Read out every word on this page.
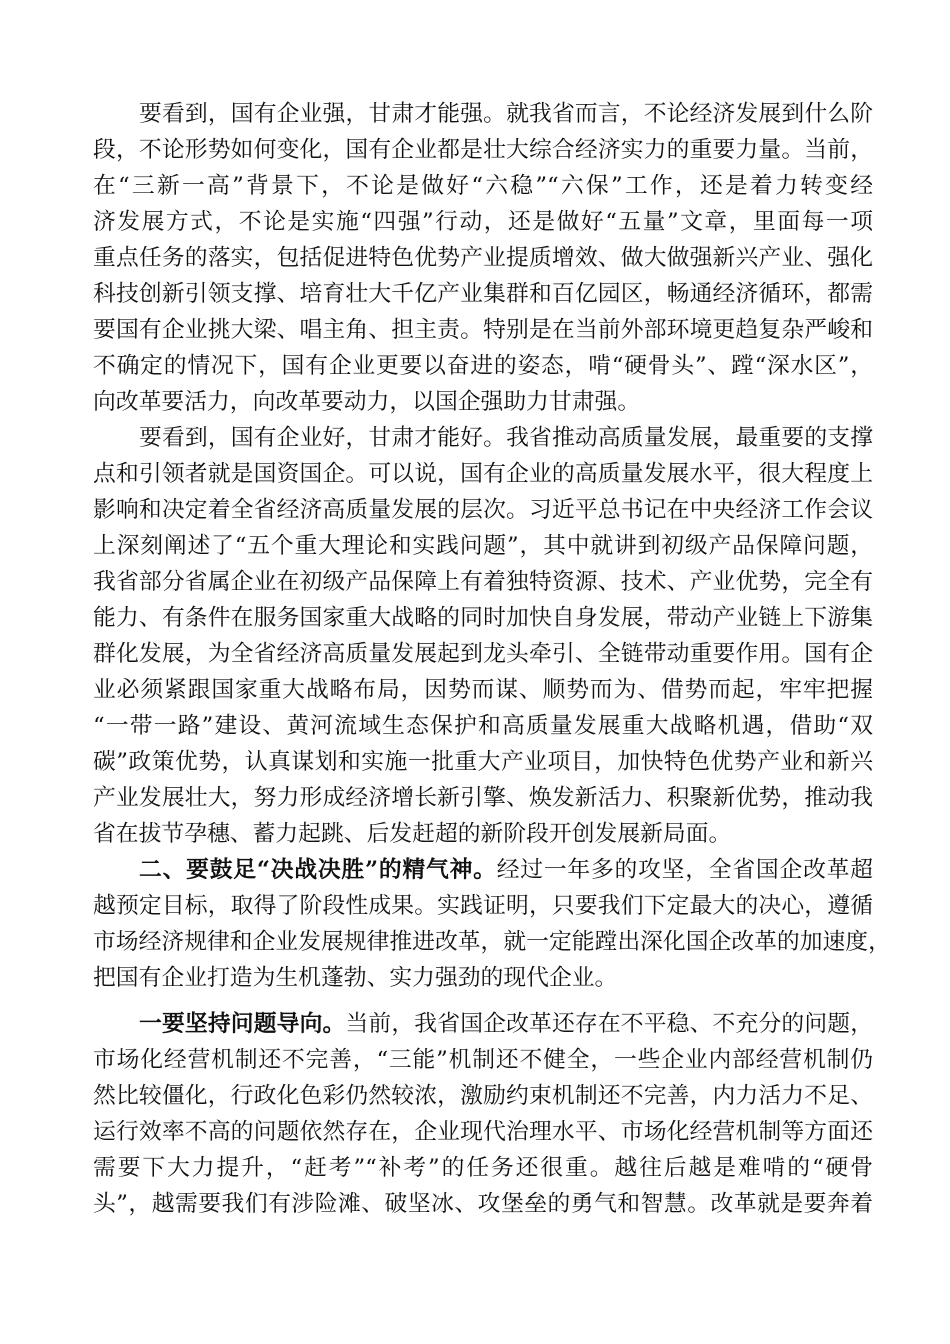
要看到，国有企业强，甘肃才能强。就我省而言，不论经济发展到什么阶
段，不论形势如何变化，国有企业都是壮大综合经济实力的重要力量。当前，
在“三新一高”背景下，不论是做好“六稳”“六保”工作，还是着力转变经
济发展方式，不论是实施“四强”行动，还是做好“五量”文章，里面每一项
重点任务的落实，包括促进特色优势产业提质增效、做大做强新兴产业、强化
科技创新引领支撑、培育壮大千亿产业集群和百亿园区，畅通经济循环，都需
要国有企业挑大梁、唱主角、担主责。特别是在当前外部环境更趋复杂严峻和
不确定的情况下，国有企业更要以奋进的姿态，啃“硬骨头”、蹚“深水区”，
向改革要活力，向改革要动力，以国企强助力甘肃强。
要看到，国有企业好，甘肃才能好。我省推动高质量发展，最重要的支撑
点和引领者就是国资国企。可以说，国有企业的高质量发展水平，很大程度上
影响和决定着全省经济高质量发展的层次。习近平总书记在中央经济工作会议
上深刻阐述了“五个重大理论和实践问题”，其中就讲到初级产品保障问题，
我省部分省属企业在初级产品保障上有着独特资源、技术、产业优势，完全有
能力、有条件在服务国家重大战略的同时加快自身发展，带动产业链上下游集
群化发展，为全省经济高质量发展起到龙头牵引、全链带动重要作用。国有企
业必须紧跟国家重大战略布局，因势而谋、顺势而为、借势而起，牢牢把握
“一带一路”建设、黄河流域生态保护和高质量发展重大战略机遇，借助“双
碳”政策优势，认真谋划和实施一批重大产业项目，加快特色优势产业和新兴
产业发展壮大，努力形成经济增长新引擎、焕发新活力、积聚新优势，推动我
省在拔节孕穗、蓄力起跳、后发赶超的新阶段开创发展新局面。
二、要鼓足“决战决胜”的精气神。经过一年多的攻坚，全省国企改革超
越预定目标，取得了阶段性成果。实践证明，只要我们下定最大的决心，遵循
市场经济规律和企业发展规律推进改革，就一定能蹚出深化国企改革的加速度，
把国有企业打造为生机蓬勃、实力强劲的现代企业。
一要坚持问题导向。当前，我省国企改革还存在不平稳、不充分的问题，
市场化经营机制还不完善，“三能”机制还不健全，一些企业内部经营机制仍
然比较僵化，行政化色彩仍然较浓，激励约束机制还不完善，内力活力不足、
运行效率不高的问题依然存在，企业现代治理水平、市场化经营机制等方面还
需要下大力提升，“赶考”“补考”的任务还很重。越往后越是难啃的“硬骨
头”，越需要我们有涉险滩、破坚冰、攻堡垒的勇气和智慧。改革就是要奔着
